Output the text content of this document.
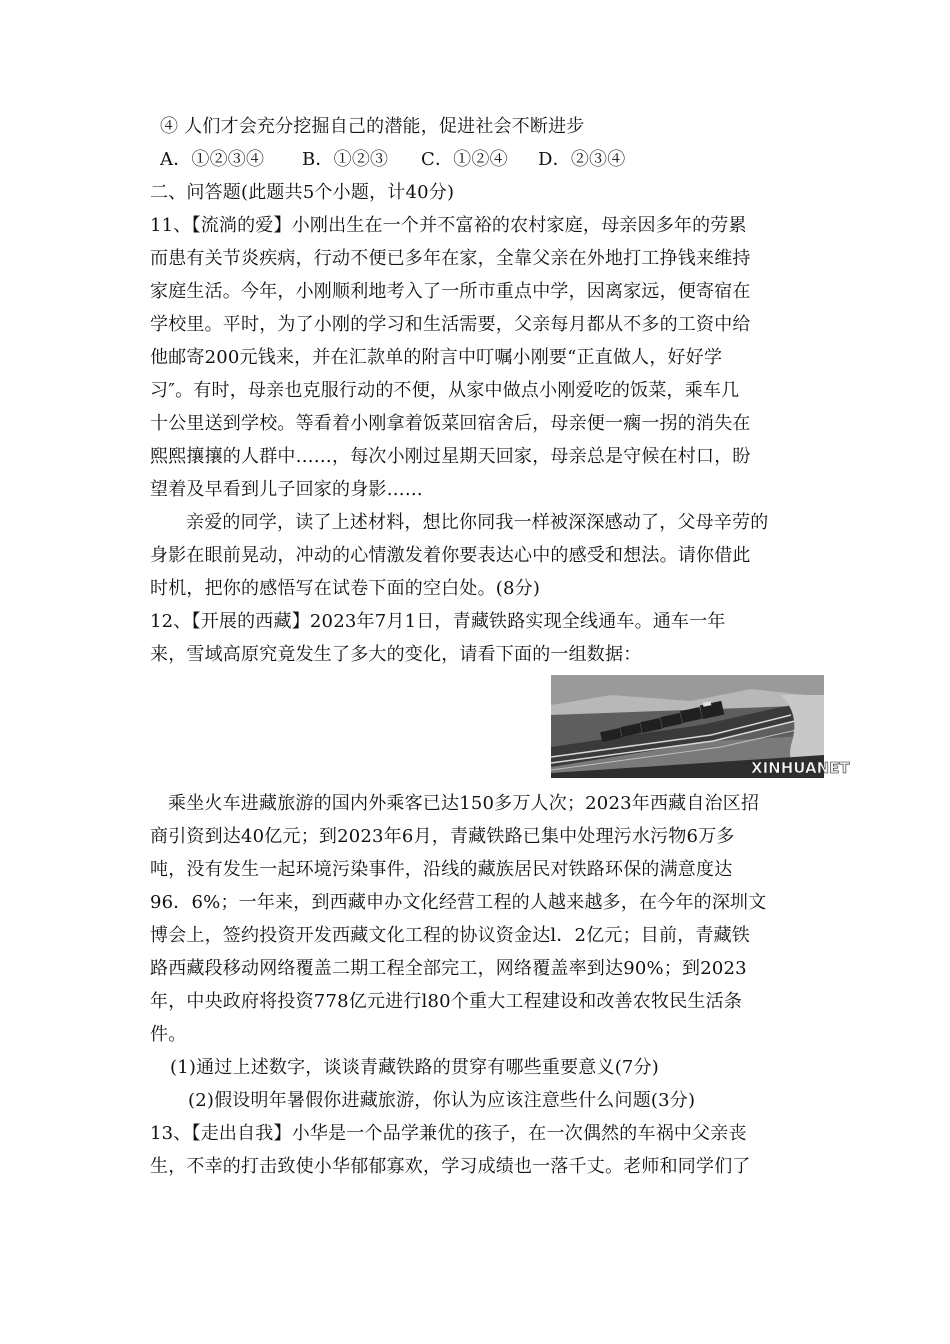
④ 人们才会充分挖掘自己的潜能，促进社会不断进步
A．①②③④ B．①②③ C．①②④ D．②③④
二、问答题(此题共5个小题，计40分)
11、【流淌的爱】小刚出生在一个并不富裕的农村家庭，母亲因多年的劳累
而患有关节炎疾病，行动不便已多年在家，全靠父亲在外地打工挣钱来维持
家庭生活。今年，小刚顺利地考入了一所市重点中学，因离家远，便寄宿在
学校里。平时，为了小刚的学习和生活需要，父亲每月都从不多的工资中给
他邮寄200元钱来，并在汇款单的附言中叮嘱小刚要“正直做人，好好学
习″。有时，母亲也克服行动的不便，从家中做点小刚爱吃的饭菜，乘车几
十公里送到学校。等看着小刚拿着饭菜回宿舍后，母亲便一瘸一拐的消失在
熙熙攘攘的人群中……，每次小刚过星期天回家，母亲总是守候在村口，盼
望着及早看到儿子回家的身影……
亲爱的同学，读了上述材料，想比你同我一样被深深感动了，父母辛劳的
身影在眼前晃动，冲动的心情激发着你要表达心中的感受和想法。请你借此
时机，把你的感悟写在试卷下面的空白处。(8分)
12、【开展的西藏】2023年7月1日，青藏铁路实现全线通车。通车一年
来，雪域高原究竟发生了多大的变化，请看下面的一组数据：
XINHUANET
乘坐火车进藏旅游的国内外乘客已达150多万人次；2023年西藏自治区招
商引资到达40亿元；到2023年6月，青藏铁路已集中处理污水污物6万多
吨，没有发生一起环境污染事件，沿线的藏族居民对铁路环保的满意度达
96．6%；一年来，到西藏申办文化经营工程的人越来越多，在今年的深圳文
博会上，签约投资开发西藏文化工程的协议资金达l．2亿元；目前，青藏铁
路西藏段移动网络覆盖二期工程全部完工，网络覆盖率到达90%；到2023
年，中央政府将投资778亿元进行l80个重大工程建设和改善农牧民生活条
件。
(1)通过上述数字，谈谈青藏铁路的贯穿有哪些重要意义(7分)
(2)假设明年暑假你进藏旅游，你认为应该注意些什么问题(3分)
13、【走出自我】小华是一个品学兼优的孩子，在一次偶然的车祸中父亲丧
生，不幸的打击致使小华郁郁寡欢，学习成绩也一落千丈。老师和同学们了
